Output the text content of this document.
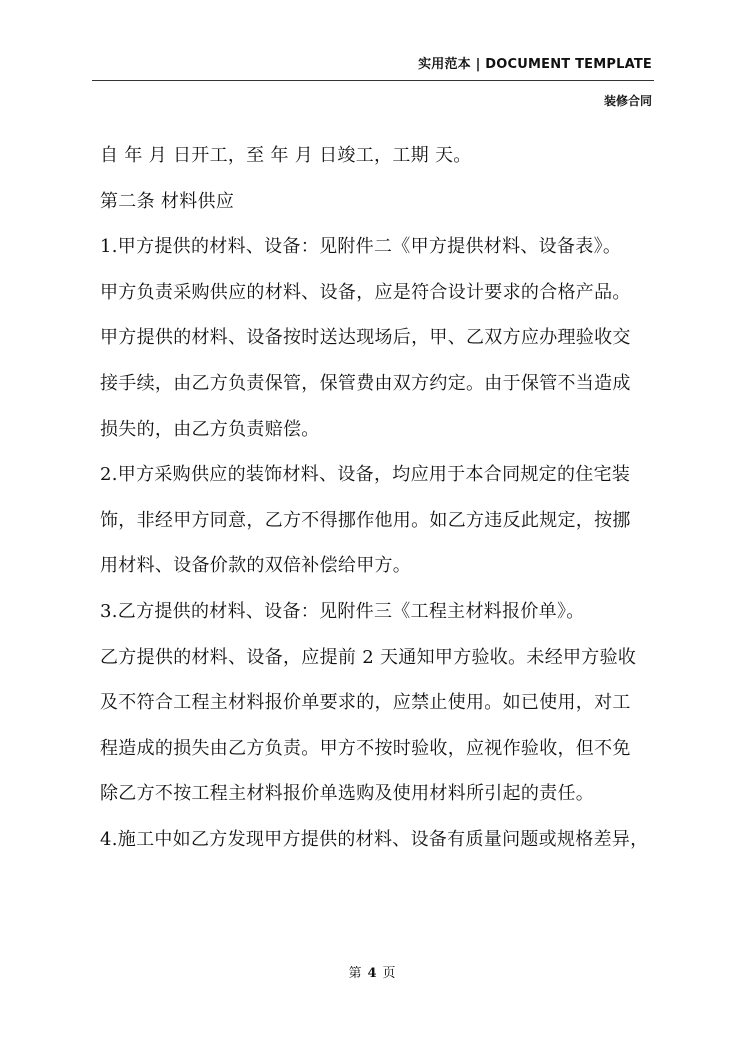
实用范本 | DOCUMENT TEMPLATE
装修合同
自 年 月 日开工，至 年 月 日竣工，工期 天。
第二条 材料供应
1.甲方提供的材料、设备：见附件二《甲方提供材料、设备表》。
甲方负责采购供应的材料、设备，应是符合设计要求的合格产品。
甲方提供的材料、设备按时送达现场后，甲、乙双方应办理验收交
接手续，由乙方负责保管，保管费由双方约定。由于保管不当造成
损失的，由乙方负责赔偿。
2.甲方采购供应的装饰材料、设备，均应用于本合同规定的住宅装
饰，非经甲方同意，乙方不得挪作他用。如乙方违反此规定，按挪
用材料、设备价款的双倍补偿给甲方。
3.乙方提供的材料、设备：见附件三《工程主材料报价单》。
乙方提供的材料、设备，应提前 2 天通知甲方验收。未经甲方验收
及不符合工程主材料报价单要求的，应禁止使用。如已使用，对工
程造成的损失由乙方负责。甲方不按时验收，应视作验收，但不免
除乙方不按工程主材料报价单选购及使用材料所引起的责任。
4.施工中如乙方发现甲方提供的材料、设备有质量问题或规格差异，
第 4 页
